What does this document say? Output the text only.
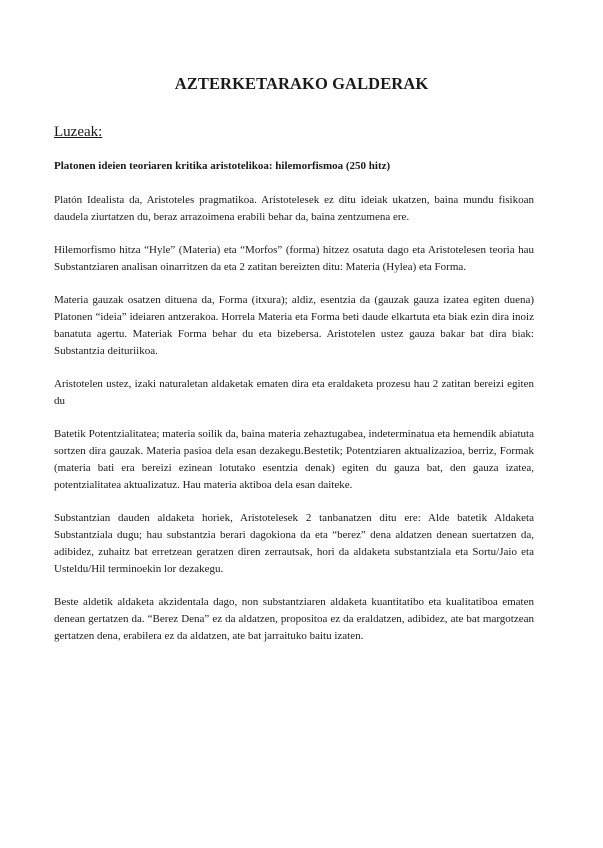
AZTERKETARAKO GALDERAK
Luzeak:
Platonen ideien teoriaren kritika aristotelikoa: hilemorfismoa (250 hitz)

Platón Idealista da, Aristoteles pragmatikoa. Aristotelesek ez ditu ideiak ukatzen, baina mundu fisikoan daudela ziurtatzen du, beraz arrazoimena erabili behar da, baina zentzumena ere.

Hilemorfismo hitza “Hyle” (Materia) eta “Morfos” (forma) hitzez osatuta dago eta Aristotelesen teoria hau Substantziaren analisan oinarritzen da eta 2 zatitan bereizten ditu: Materia (Hylea) eta Forma.

Materia gauzak osatzen dituena da, Forma (itxura); aldiz, esentzia da (gauzak gauza izatea egiten duena) Platonen “ideia” ideiaren antzerakoa. Horrela Materia eta Forma beti daude elkartuta eta biak ezin dira inoiz banatuta agertu. Materiak Forma behar du eta bizebersa. Aristotelen ustez gauza bakar bat dira biak: Substantzia deituriikoa.

Aristotelen ustez, izaki naturaletan aldaketak ematen dira eta eraldaketa prozesu hau 2 zatitan bereizi egiten du

Batetik Potentzialitatea; materia soilik da, baina materia zehaztugabea, indeterminatua eta hemendik abiatuta sortzen dira gauzak. Materia pasioa dela esan dezakegu.Bestetik; Potentziaren aktualizazioa, berriz, Formak (materia bati era bereizi ezinean lotutako esentzia denak) egiten du gauza bat, den gauza izatea, potentzialitatea aktualizatuz. Hau materia aktiboa dela esan daiteke.

Substantzian dauden aldaketa horiek, Aristotelesek 2 tanbanatzen ditu ere: Alde batetik Aldaketa Substantziala dugu; hau substantzia berari dagokiona da eta “berez” dena aldatzen denean suertatzen da, adibidez, zuhaitz bat erretzean geratzen diren zerrautsak, hori da aldaketa substantziala eta Sortu/Jaio eta Usteldu/Hil terminoekin lor dezakegu.

Beste aldetik aldaketa akzidentala dago, non substantziaren aldaketa kuantitatibo eta kualitatiboa ematen denean gertatzen da. “Berez Dena” ez da aldatzen, propositoa ez da eraldatzen, adibidez, ate bat margotzean gertatzen dena, erabilera ez da aldatzen, ate bat jarraituko baitu izaten.
